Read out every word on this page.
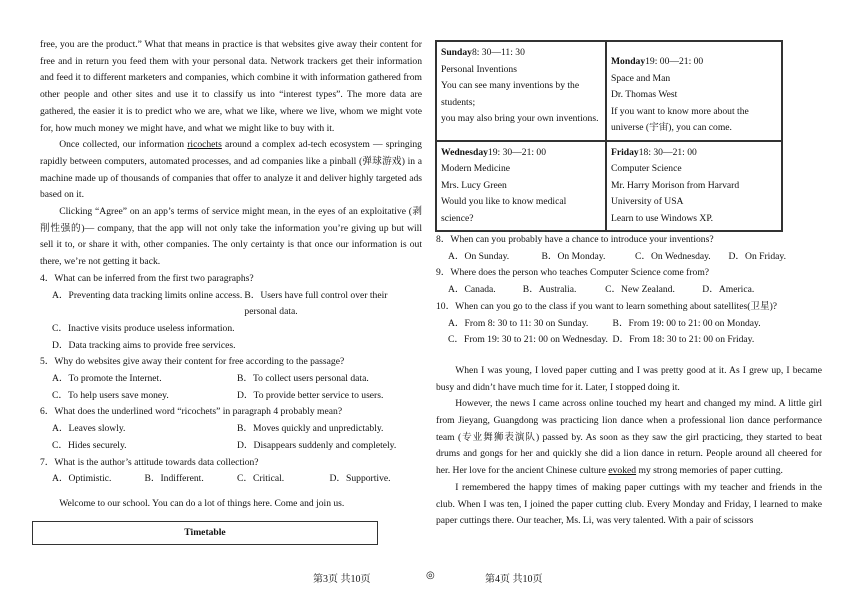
free, you are the product.” What that means in practice is that websites give away their content for free and in return you feed them with your personal data. Network trackers get their information and feed it to different marketers and companies, which combine it with information gathered from other people and other sites and use it to classify us into “interest types”. The more data are gathered, the easier it is to predict who we are, what we like, where we live, whom we might vote for, how much money we might have, and what we might like to buy with it.

Once collected, our information ricochets around a complex ad-tech ecosystem — springing rapidly between computers, automated processes, and ad companies like a pinball (弹球游戏) in a machine made up of thousands of companies that offer to analyze it and deliver highly targeted ads based on it.

Clicking “Agree” on an app’s terms of service might mean, in the eyes of an exploitative (剥削性强的)— company, that the app will not only take the information you’re giving up but will sell it to, or share it with, other companies. The only certainty is that once our information is out there, we’re not getting it back.

4．What can be inferred from the first two paragraphs?

A．Preventing data tracking limits online access. B．Users have full control over their personal data.
C．Inactive visits produce useless information.
D．Data tracking aims to provide free services.

5．Why do websites give away their content for free according to the passage?

A．To promote the Internet.	B．To collect users personal data.
C．To help users save money.	D．To provide better service to users.

6．What does the underlined word “ricochets” in paragraph 4 probably mean?

A．Leaves slowly.	B．Moves quickly and unpredictably.
C．Hides securely.	D．Disappears suddenly and completely.

7．What is the author’s attitude towards data collection?

A．Optimistic.	B．Indifferent.	C．Critical.	D．Supportive.

Welcome to our school. You can do a lot of things here. Come and join us.

Timetable
Sunday8: 30—11: 30
Personal Inventions
You can see many inventions by the students;
you may also bring your own inventions.
Monday19: 00—21: 00
Space and Man
Dr. Thomas West
If you want to know more about the universe (宇宙), you can come.
Wednesday19: 30—21: 00
Modern Medicine
Mrs. Lucy Green
Would you like to know medical science?
Friday18: 30—21: 00
Computer Science
Mr. Harry Morison from Harvard University of USA
Learn to use Windows XP.

8．When can you probably have a chance to introduce your inventions?

A．On Sunday.	B．On Monday.	C．On Wednesday.	D．On Friday.

9．Where does the person who teaches Computer Science come from?

A．Canada.	B．Australia.	C．New Zealand.	D．America.

10．When can you go to the class if you want to learn something about satellites(卫星)?

A．From 8: 30 to 11: 30 on Sunday.	B．From 19: 00 to 21: 00 on Monday.
C．From 19: 30 to 21: 00 on Wednesday. D．From 18: 30 to 21: 00 on Friday.

When I was young, I loved paper cutting and I was pretty good at it. As I grew up, I became busy and didn’t have much time for it. Later, I stopped doing it.

However, the news I came across online touched my heart and changed my mind. A little girl from Jieyang, Guangdong was practicing lion dance when a professional lion dance performance team (专业舞狮表演队) passed by. As soon as they saw the girl practicing, they started to beat drums and gongs for her and quickly she did a lion dance in return. People around all cheered for her. Her love for the ancient Chinese culture evoked my strong memories of paper cutting.

I remembered the happy times of making paper cuttings with my teacher and friends in the club. When I was ten, I joined the paper cutting club. Every Monday and Friday, I learned to make paper cuttings there. Our teacher, Ms. Li, was very talented. With a pair of scissors

第3页 共10页	◎	第4页 共10页
